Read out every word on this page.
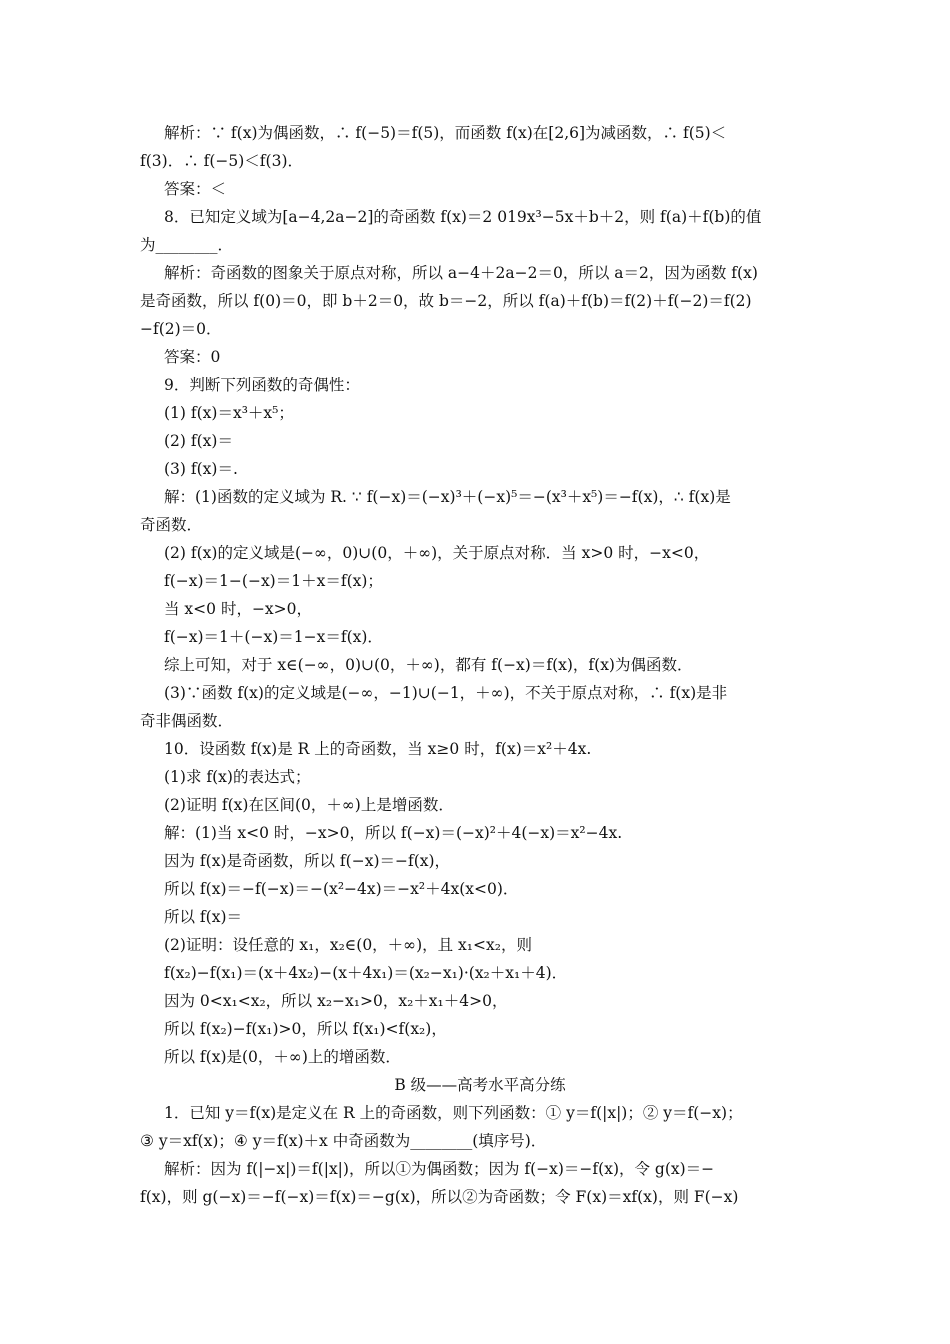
解析：∵ f(x)为偶函数，∴ f(−5)＝f(5)，而函数 f(x)在[2,6]为减函数，∴ f(5)＜
f(3)．∴ f(−5)＜f(3)．
答案：＜
8．已知定义域为[a−4,2a−2]的奇函数 f(x)＝2 019x³−5x＋b＋2，则 f(a)＋f(b)的值
为________．
解析：奇函数的图象关于原点对称，所以 a−4＋2a−2＝0，所以 a＝2，因为函数 f(x)
是奇函数，所以 f(0)＝0，即 b＋2＝0，故 b＝−2，所以 f(a)＋f(b)＝f(2)＋f(−2)＝f(2)
−f(2)＝0．
答案：0
9．判断下列函数的奇偶性：
(1) f(x)＝x³＋x⁵；
(2) f(x)＝
(3) f(x)＝.
解：(1)函数的定义域为 R. ∵ f(−x)＝(−x)³＋(−x)⁵＝−(x³＋x⁵)＝−f(x)，∴ f(x)是
奇函数．
(2) f(x)的定义域是(−∞，0)∪(0，＋∞)，关于原点对称．当 x>0 时，−x<0，
f(−x)＝1−(−x)＝1＋x＝f(x)；
当 x<0 时，−x>0，
f(−x)＝1＋(−x)＝1−x＝f(x)．
综上可知，对于 x∈(−∞，0)∪(0，＋∞)，都有 f(−x)＝f(x)，f(x)为偶函数．
(3)∵函数 f(x)的定义域是(−∞，−1)∪(−1，＋∞)，不关于原点对称，∴ f(x)是非
奇非偶函数．
10．设函数 f(x)是 R 上的奇函数，当 x≥0 时，f(x)＝x²＋4x.
(1)求 f(x)的表达式；
(2)证明 f(x)在区间(0，＋∞)上是增函数．
解：(1)当 x<0 时，−x>0，所以 f(−x)＝(−x)²＋4(−x)＝x²−4x.
因为 f(x)是奇函数，所以 f(−x)＝−f(x)，
所以 f(x)＝−f(−x)＝−(x²−4x)＝−x²＋4x(x<0)．
所以 f(x)＝
(2)证明：设任意的 x₁，x₂∈(0，＋∞)，且 x₁<x₂，则
f(x₂)−f(x₁)＝(x＋4x₂)−(x＋4x₁)＝(x₂−x₁)·(x₂＋x₁＋4)．
因为 0<x₁<x₂，所以 x₂−x₁>0，x₂＋x₁＋4>0，
所以 f(x₂)−f(x₁)>0，所以 f(x₁)<f(x₂)，
所以 f(x)是(0，＋∞)上的增函数．
B 级——高考水平高分练
1．已知 y＝f(x)是定义在 R 上的奇函数，则下列函数：① y＝f(|x|)；② y＝f(−x)；
③ y＝xf(x)；④ y＝f(x)＋x 中奇函数为________(填序号)．
解析：因为 f(|−x|)＝f(|x|)，所以①为偶函数；因为 f(−x)＝−f(x)，令 g(x)＝−
f(x)，则 g(−x)＝−f(−x)＝f(x)＝−g(x)，所以②为奇函数；令 F(x)＝xf(x)，则 F(−x)
